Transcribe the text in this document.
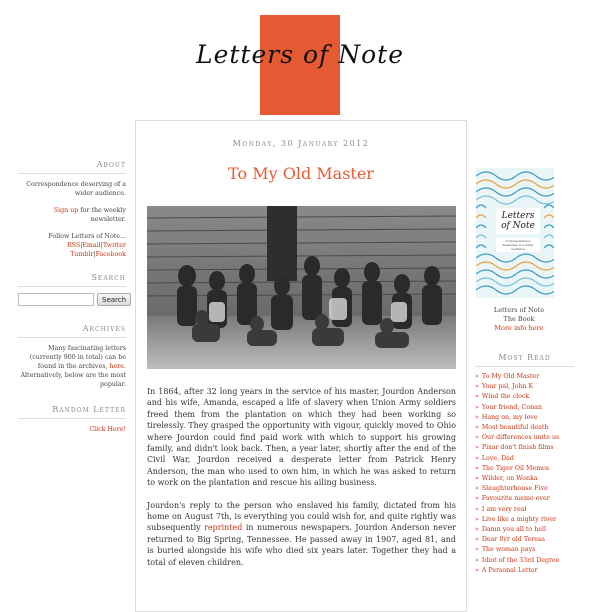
Letters of Note
About

Correspondence deserving of a wider audience.

Sign up for the weekly newsletter.

Follow Letters of Note...
RSS|Email|Twitter
Tumblr|Facebook

Search
Search
Archives

Many fascinating letters (currently 900 in total) can be found in the archives, here. Alternatively, below are the most popular.

Random Letter

Click Here!

Monday, 30 January 2012
To My Old Master

In 1864, after 32 long years in the service of his master, Jourdon Anderson and his wife, Amanda, escaped a life of slavery when Union Army soldiers freed them from the plantation on which they had been working so tirelessly. They grasped the opportunity with vigour, quickly moved to Ohio where Jourdon could find paid work with which to support his growing family, and didn't look back. Then, a year later, shortly after the end of the Civil War, Jourdon received a desperate letter from Patrick Henry Anderson, the man who used to own him, in which he was asked to return to work on the plantation and rescue his ailing business.

Jourdon's reply to the person who enslaved his family, dictated from his home on August 7th, is everything you could wish for, and quite rightly was subsequently reprinted in numerous newspapers. Jourdon Anderson never returned to Big Spring, Tennessee. He passed away in 1907, aged 81, and is buried alongside his wife who died six years later. Together they had a total of eleven children.

Letters of Note
Correspondence deserving of a wider audience
Letters of Note
The Book
More info here
Most Read
» To My Old Master
» Your pal, John K
» Wind the clock
» Your friend, Conan
» Hang on, my love
» Most beautiful death
» Our differences unite us
» Pixar don't finish films
» Love, Dad
» The Tiger Oil Memos
» Wilder, on Wonka
» Slaughterhouse Five
» Favourite memo ever
» I am very real
» Live like a mighty river
» Damn you all to hell
» Dear 8yr old Teresa
» The woman pays
» Idiot of the 33rd Degree
» A Personal Letter
